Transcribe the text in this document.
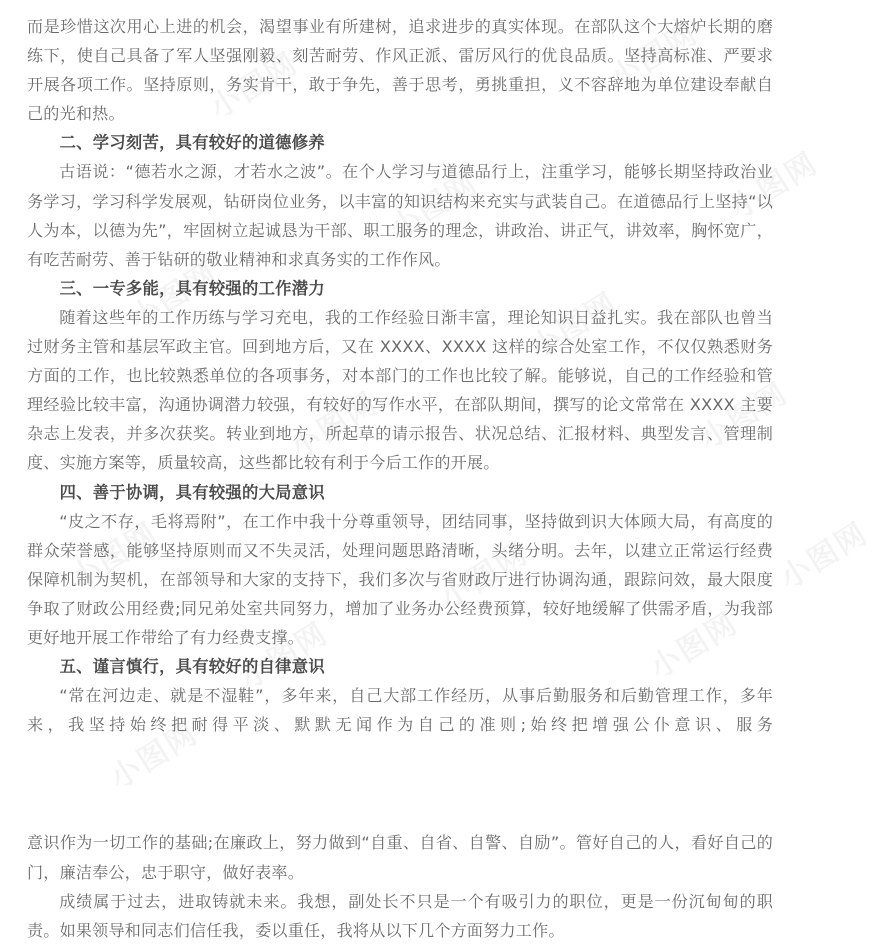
而是珍惜这次用心上进的机会，渴望事业有所建树，追求进步的真实体现。在部队这个大熔炉长期的磨练下，使自己具备了军人坚强刚毅、刻苦耐劳、作风正派、雷厉风行的优良品质。坚持高标准、严要求开展各项工作。坚持原则，务实肯干，敢于争先，善于思考，勇挑重担，义不容辞地为单位建设奉献自己的光和热。

二、学习刻苦，具有较好的道德修养

古语说：“德若水之源，才若水之波”。在个人学习与道德品行上，注重学习，能够长期坚持政治业务学习，学习科学发展观，钻研岗位业务，以丰富的知识结构来充实与武装自己。在道德品行上坚持“以人为本，以德为先”，牢固树立起诚恳为干部、职工服务的理念，讲政治、讲正气，讲效率，胸怀宽广，有吃苦耐劳、善于钻研的敬业精神和求真务实的工作作风。

三、一专多能，具有较强的工作潜力

随着这些年的工作历练与学习充电，我的工作经验日渐丰富，理论知识日益扎实。我在部队也曾当过财务主管和基层军政主官。回到地方后，又在 XXXX、XXXX 这样的综合处室工作，不仅仅熟悉财务方面的工作，也比较熟悉单位的各项事务，对本部门的工作也比较了解。能够说，自己的工作经验和管理经验比较丰富，沟通协调潜力较强，有较好的写作水平，在部队期间，撰写的论文常常在 XXXX 主要杂志上发表，并多次获奖。转业到地方，所起草的请示报告、状况总结、汇报材料、典型发言、管理制度、实施方案等，质量较高，这些都比较有利于今后工作的开展。

四、善于协调，具有较强的大局意识

“皮之不存，毛将焉附”，在工作中我十分尊重领导，团结同事，坚持做到识大体顾大局，有高度的群众荣誉感，能够坚持原则而又不失灵活，处理问题思路清晰，头绪分明。去年，以建立正常运行经费保障机制为契机，在部领导和大家的支持下，我们多次与省财政厅进行协调沟通，跟踪问效，最大限度争取了财政公用经费;同兄弟处室共同努力，增加了业务办公经费预算，较好地缓解了供需矛盾，为我部更好地开展工作带给了有力经费支撑。

五、谨言慎行，具有较好的自律意识

“常在河边走、就是不湿鞋”，多年来，自己大部工作经历，从事后勤服务和后勤管理工作，多年来，我坚持始终把耐得平淡、默默无闻作为自己的准则;始终把增强公仆意识、服务

意识作为一切工作的基础;在廉政上，努力做到“自重、自省、自警、自励”。管好自己的人，看好自己的门，廉洁奉公，忠于职守，做好表率。

成绩属于过去，进取铸就未来。我想，副处长不只是一个有吸引力的职位，更是一份沉甸甸的职责。如果领导和同志们信任我，委以重任，我将从以下几个方面努力工作。
